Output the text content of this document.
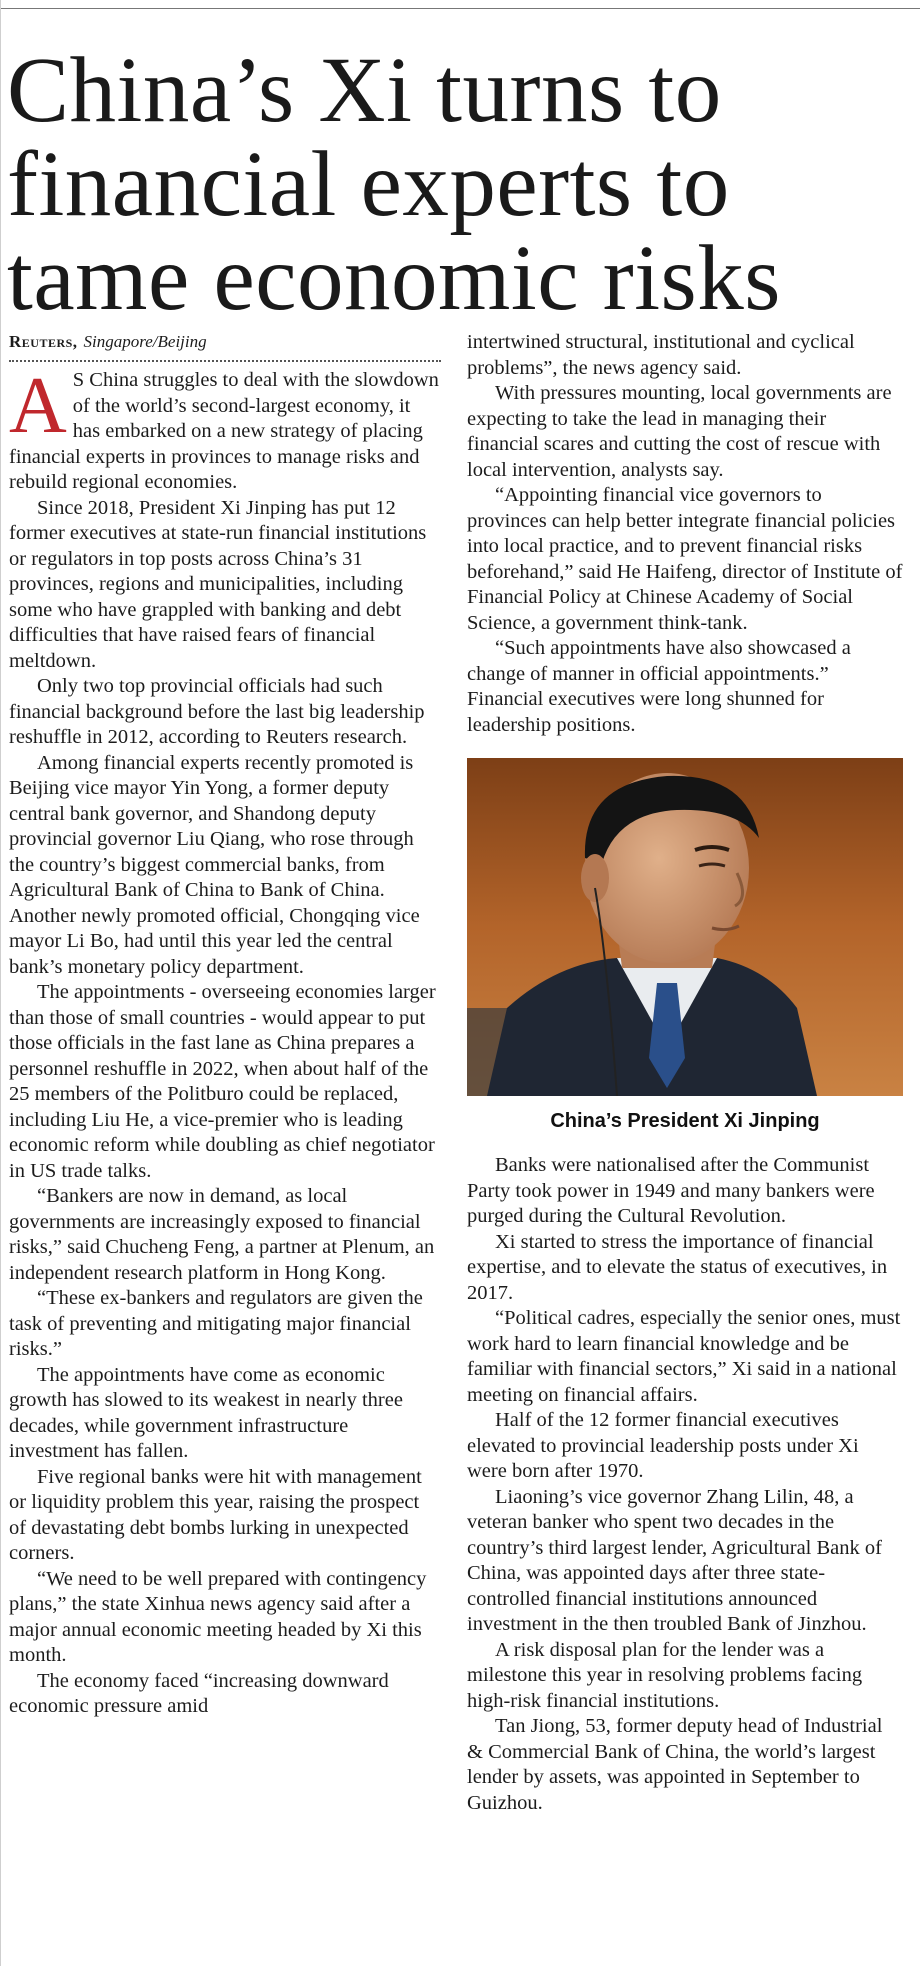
China’s Xi turns to
financial experts to
tame economic risks
Reuters, Singapore/Beijing

A S China struggles to deal with the slowdown of the world’s second-largest economy, it has embarked on a new strategy of placing financial experts in provinces to manage risks and rebuild regional economies.

Since 2018, President Xi Jinping has put 12 former executives at state-run financial institutions or regulators in top posts across China’s 31 provinces, regions and municipalities, including some who have grappled with banking and debt difficulties that have raised fears of financial meltdown.

Only two top provincial officials had such financial background before the last big leadership reshuffle in 2012, according to Reuters research.

Among financial experts recently promoted is Beijing vice mayor Yin Yong, a former deputy central bank governor, and Shandong deputy provincial governor Liu Qiang, who rose through the country’s biggest commercial banks, from Agricultural Bank of China to Bank of China. Another newly promoted official, Chongqing vice mayor Li Bo, had until this year led the central bank’s monetary policy department.

The appointments - overseeing economies larger than those of small countries - would appear to put those officials in the fast lane as China prepares a personnel reshuffle in 2022, when about half of the 25 members of the Politburo could be replaced, including Liu He, a vice-premier who is leading economic reform while doubling as chief negotiator in US trade talks.

“Bankers are now in demand, as local governments are increasingly exposed to financial risks,” said Chucheng Feng, a partner at Plenum, an independent research platform in Hong Kong.

“These ex-bankers and regulators are given the task of preventing and mitigating major financial risks.”

The appointments have come as economic growth has slowed to its weakest in nearly three decades, while government infrastructure investment has fallen.

Five regional banks were hit with management or liquidity problem this year, raising the prospect of devastating debt bombs lurking in unexpected corners.

“We need to be well prepared with contingency plans,” the state Xinhua news agency said after a major annual economic meeting headed by Xi this month.

The economy faced “increasing downward economic pressure amid

intertwined structural, institutional and cyclical problems”, the news agency said.

With pressures mounting, local governments are expecting to take the lead in managing their financial scares and cutting the cost of rescue with local intervention, analysts say.

“Appointing financial vice governors to provinces can help better integrate financial policies into local practice, and to prevent financial risks beforehand,” said He Haifeng, director of Institute of Financial Policy at Chinese Academy of Social Science, a government think-tank.

“Such appointments have also showcased a change of manner in official appointments.” Financial executives were long shunned for leadership positions.

China’s President Xi Jinping

Banks were nationalised after the Communist Party took power in 1949 and many bankers were purged during the Cultural Revolution.

Xi started to stress the importance of financial expertise, and to elevate the status of executives, in 2017.

“Political cadres, especially the senior ones, must work hard to learn financial knowledge and be familiar with financial sectors,” Xi said in a national meeting on financial affairs.

Half of the 12 former financial executives elevated to provincial leadership posts under Xi were born after 1970.

Liaoning’s vice governor Zhang Lilin, 48, a veteran banker who spent two decades in the country’s third largest lender, Agricultural Bank of China, was appointed days after three state-controlled financial institutions announced investment in the then troubled Bank of Jinzhou.

A risk disposal plan for the lender was a milestone this year in resolving problems facing high-risk financial institutions.

Tan Jiong, 53, former deputy head of Industrial & Commercial Bank of China, the world’s largest lender by assets, was appointed in September to Guizhou.
